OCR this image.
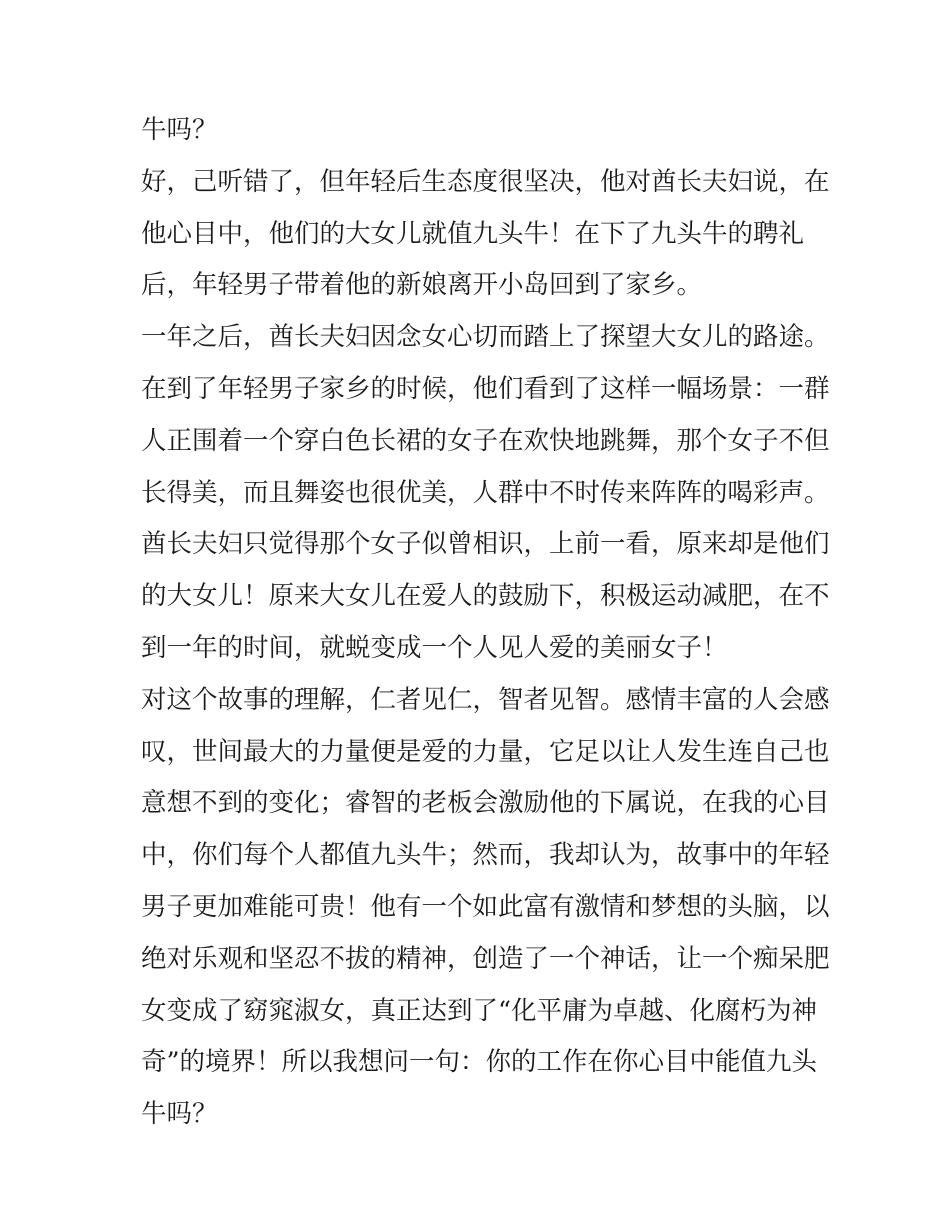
牛吗？
好，己听错了，但年轻后生态度很坚决，他对酋长夫妇说，在
他心目中，他们的大女儿就值九头牛！在下了九头牛的聘礼
后，年轻男子带着他的新娘离开小岛回到了家乡。
一年之后，酋长夫妇因念女心切而踏上了探望大女儿的路途。
在到了年轻男子家乡的时候，他们看到了这样一幅场景：一群
人正围着一个穿白色长裙的女子在欢快地跳舞，那个女子不但
长得美，而且舞姿也很优美，人群中不时传来阵阵的喝彩声。
酋长夫妇只觉得那个女子似曾相识，上前一看，原来却是他们
的大女儿！原来大女儿在爱人的鼓励下，积极运动减肥，在不
到一年的时间，就蜕变成一个人见人爱的美丽女子！
对这个故事的理解，仁者见仁，智者见智。感情丰富的人会感
叹，世间最大的力量便是爱的力量，它足以让人发生连自己也
意想不到的变化；睿智的老板会激励他的下属说，在我的心目
中，你们每个人都值九头牛；然而，我却认为，故事中的年轻
男子更加难能可贵！他有一个如此富有激情和梦想的头脑，以
绝对乐观和坚忍不拔的精神，创造了一个神话，让一个痴呆肥
女变成了窈窕淑女，真正达到了“化平庸为卓越、化腐朽为神
奇”的境界！所以我想问一句：你的工作在你心目中能值九头
牛吗？
